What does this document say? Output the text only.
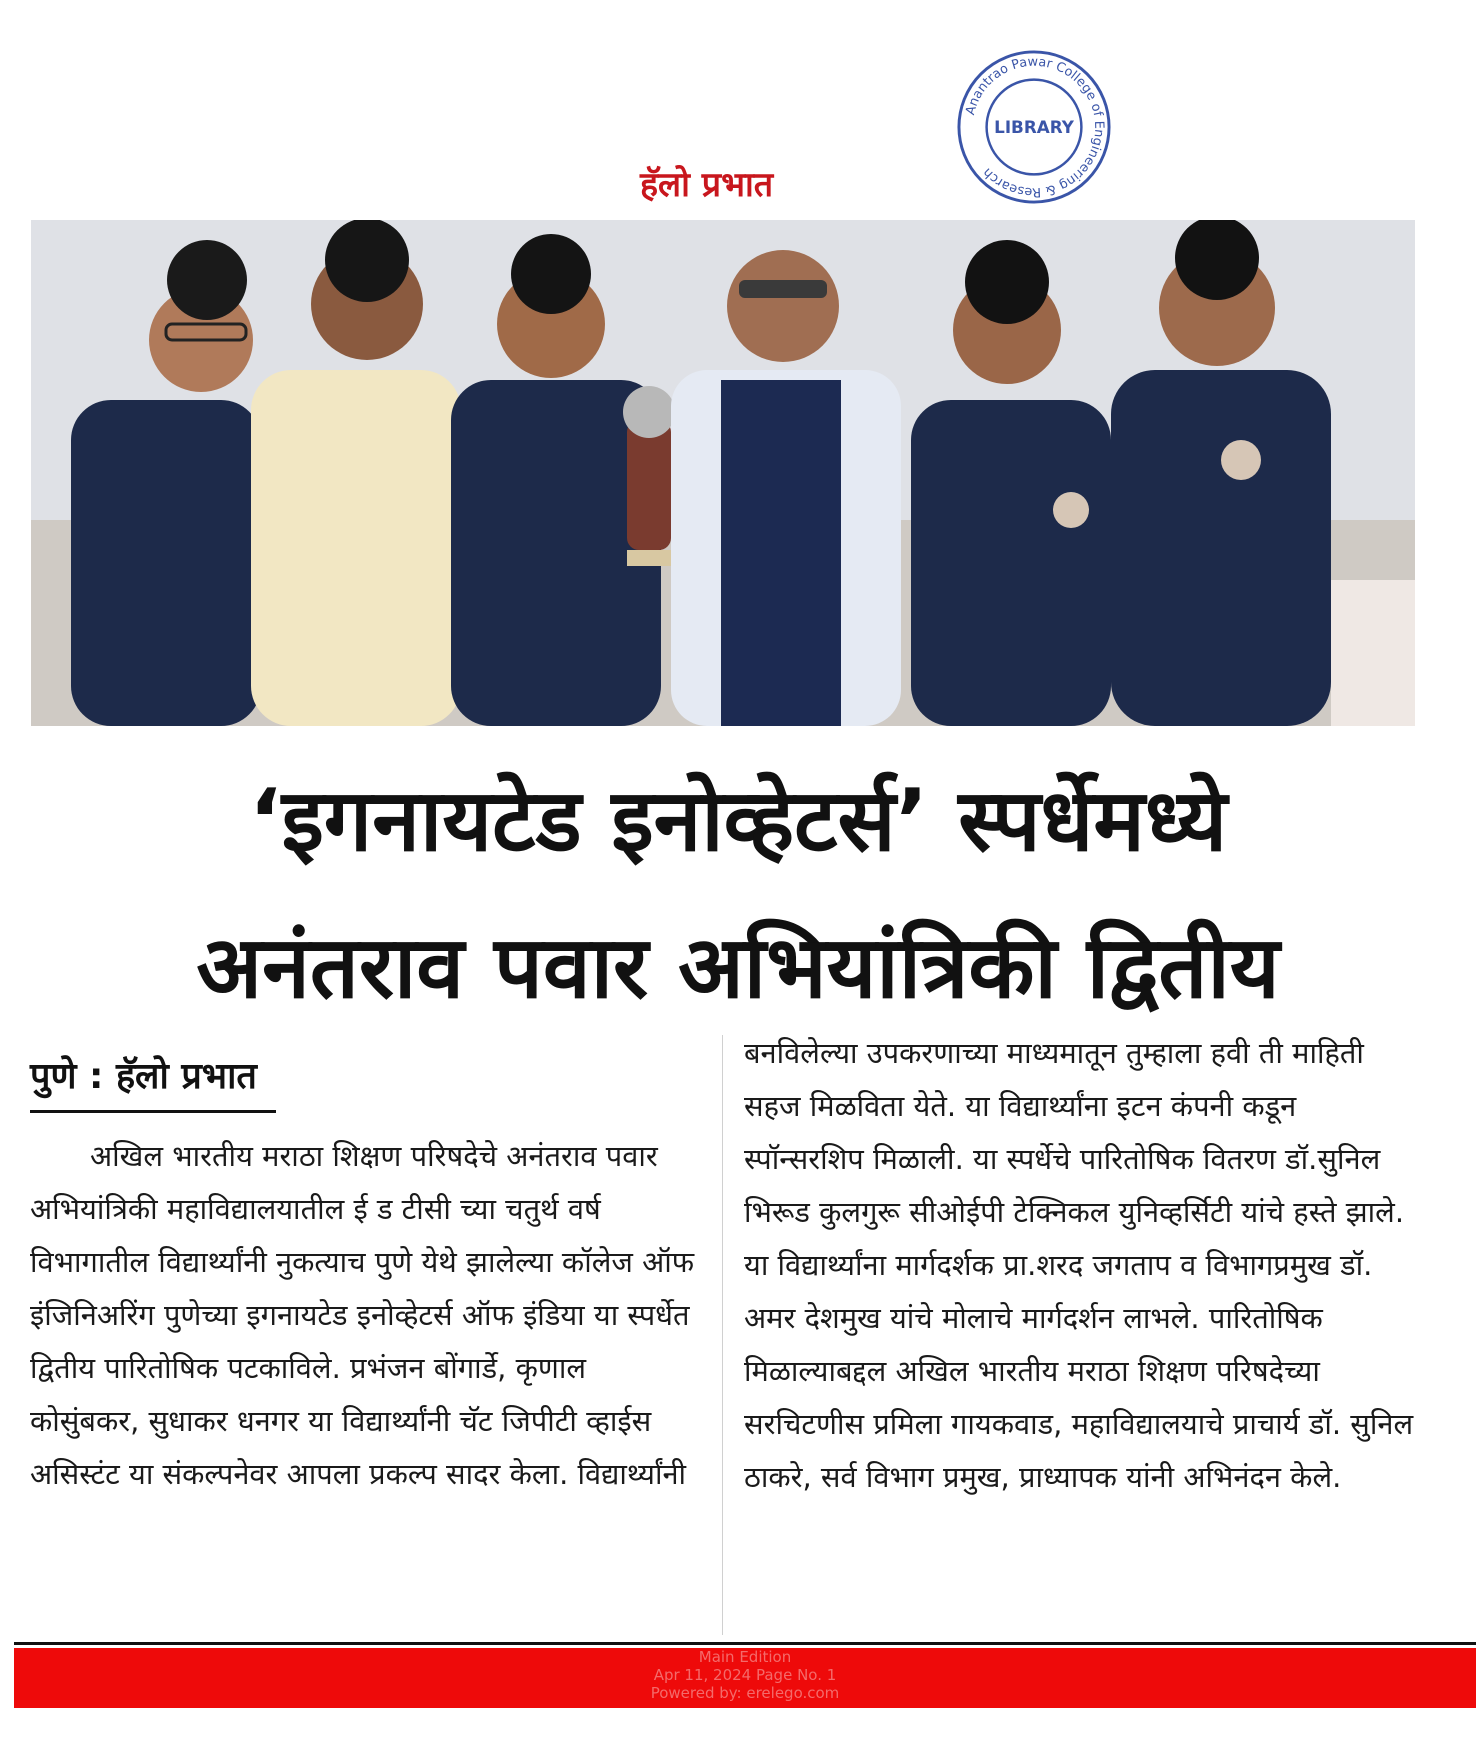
हॅलो प्रभात
Anantrao Pawar College of Engineering & Research
LIBRARY
‘इगनायटेड इनोव्हेटर्स’ स्पर्धेमध्ये
अनंतराव पवार अभियांत्रिकी द्वितीय
पुणे : हॅलो प्रभात

अखिल भारतीय मराठा शिक्षण परिषदेचे अनंतराव पवार अभियांत्रिकी महाविद्यालयातील ई ड टीसी च्या चतुर्थ वर्ष विभागातील विद्यार्थ्यांनी नुकत्याच पुणे येथे झालेल्या कॉलेज ऑफ इंजिनिअरिंग पुणेच्या इगनायटेड इनोव्हेटर्स ऑफ इंडिया या स्पर्धेत द्वितीय पारितोषिक पटकाविले. प्रभंजन बोंगार्डे, कृणाल कोसुंबकर, सुधाकर धनगर या विद्यार्थ्यांनी चॅट जिपीटी व्हाईस असिस्टंट या संकल्पनेवर आपला प्रकल्प सादर केला. विद्यार्थ्यांनी

बनविलेल्या उपकरणाच्या माध्यमातून तुम्हाला हवी ती माहिती सहज मिळविता येते. या विद्यार्थ्यांना इटन कंपनी कडून स्पॉन्सरशिप मिळाली. या स्पर्धेचे पारितोषिक वितरण डॉ.सुनिल भिरूड कुलगुरू सीओईपी टेक्निकल युनिव्हर्सिटी यांचे हस्ते झाले. या विद्यार्थ्यांना मार्गदर्शक प्रा.शरद जगताप व विभागप्रमुख डॉ. अमर देशमुख यांचे मोलाचे मार्गदर्शन लाभले. पारितोषिक मिळाल्याबद्दल अखिल भारतीय मराठा शिक्षण परिषदेच्या सरचिटणीस प्रमिला गायकवाड, महाविद्यालयाचे प्राचार्य डॉ. सुनिल ठाकरे, सर्व विभाग प्रमुख, प्राध्यापक यांनी अभिनंदन केले.

Main Edition
Apr 11, 2024 Page No. 1
Powered by: erelego.com
